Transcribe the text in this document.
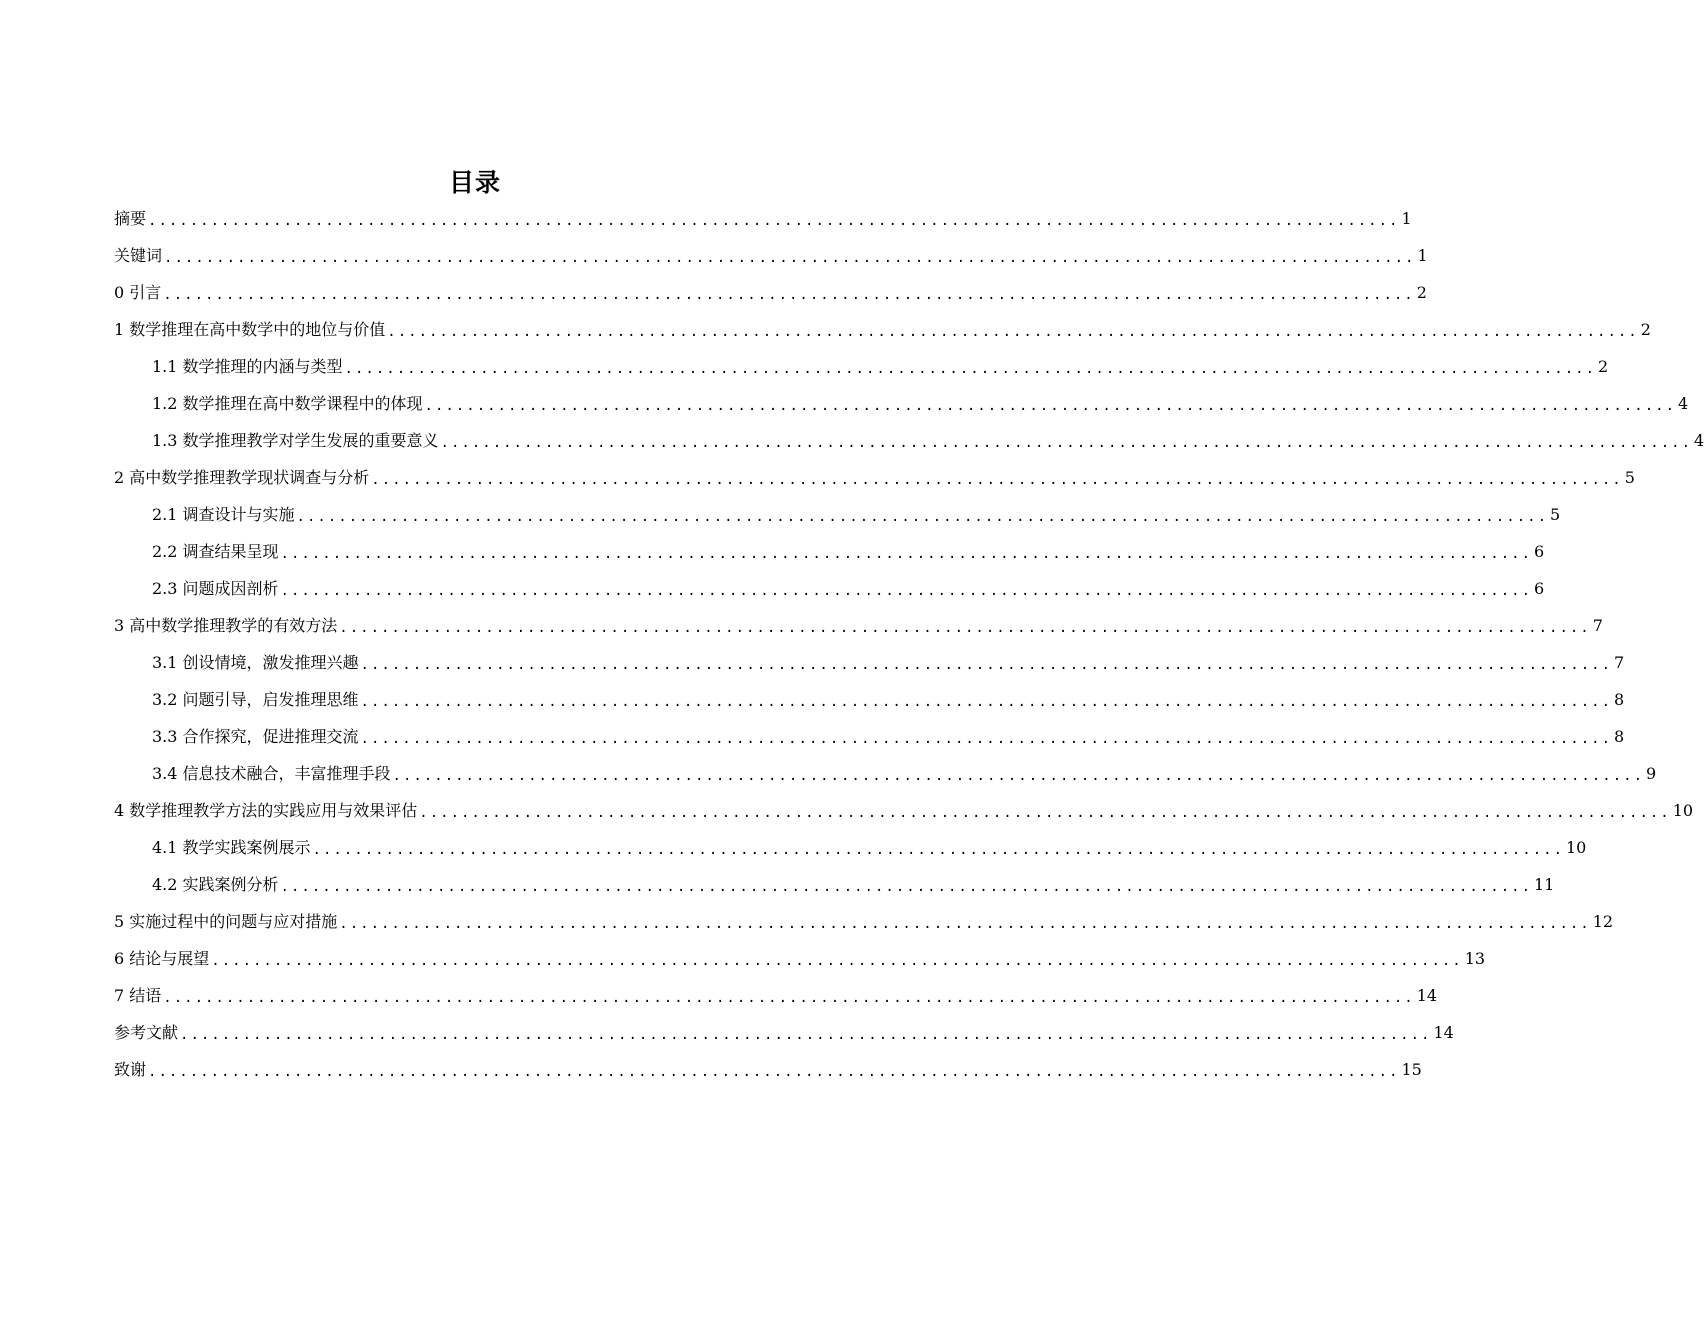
目录
摘要 ........................................................................................................................ 1
关键词 ........................................................................................................................ 1
0 引言 ........................................................................................................................ 2
1 数学推理在高中数学中的地位与价值 ........................................................................................................................ 2
1.1 数学推理的内涵与类型 ........................................................................................................................ 2
1.2 数学推理在高中数学课程中的体现 ........................................................................................................................ 4
1.3 数学推理教学对学生发展的重要意义 ........................................................................................................................ 4
2 高中数学推理教学现状调查与分析 ........................................................................................................................ 5
2.1 调查设计与实施 ........................................................................................................................ 5
2.2 调查结果呈现 ........................................................................................................................ 6
2.3 问题成因剖析 ........................................................................................................................ 6
3 高中数学推理教学的有效方法 ........................................................................................................................ 7
3.1 创设情境，激发推理兴趣 ........................................................................................................................ 7
3.2 问题引导，启发推理思维 ........................................................................................................................ 8
3.3 合作探究，促进推理交流 ........................................................................................................................ 8
3.4 信息技术融合，丰富推理手段 ........................................................................................................................ 9
4 数学推理教学方法的实践应用与效果评估 ........................................................................................................................ 10
4.1 教学实践案例展示 ........................................................................................................................ 10
4.2 实践案例分析 ........................................................................................................................ 11
5 实施过程中的问题与应对措施 ........................................................................................................................ 12
6 结论与展望 ........................................................................................................................ 13
7 结语 ........................................................................................................................ 14
参考文献 ........................................................................................................................ 14
致谢 ........................................................................................................................ 15
